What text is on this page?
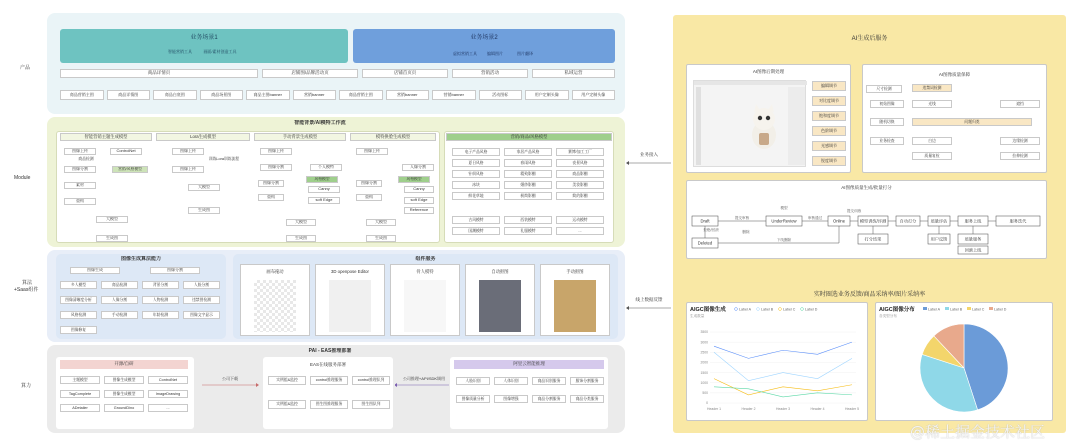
产品
Module
算法
+Saas组件
算力
业务场景1
智能营销工具	画面/素材创造工具
业务场景2
虚拟营销工具	编辑图片	图片翻译
商品详情页	店铺图/品牌活动页	店铺首页页	营销活动	私域运营
商品营销主图	商品详情图	商品白底图	商品场景图	商品主图banner	营销banner	商品营销主图	营销banner	营销banner	活动图标	用户定制头像	用户定制头像
智能背景/AI模特工作流
图像生成算法能力	组件服务
PAI - EAS推理部署
开源/自研
公司下载
EAS在线服务部署
公司推理+API/SDK调用
阿里云智能推理
业务接入
线上数据反馈
AI生成后服务
AI图像后期处理
AI图像质量保障
AI图像质量生成/批量打分
Draft	UnderReview	Online
Deleted
模型训练/评测	自动打分	质量评估	服务上线	服务迭代
打分结果	用户反馈	质量服务
回滚上线
提交审核
模型
审核通过
拒绝/回滚
下线删除
提交训练
删除
实时圈选业务反馈/商品采纳率/图片采纳率
AIGC图像生成
生成数量
Label A	Label B	Label C	Label D
0
500
1000
1500
2000
2500
3000
3500
Header 1	Header 2	Header 3	Header 4	Header 5
AIGC图像分布
各类型分布
Label A	Label B	Label C	Label D
@稀土掘金技术社区
智能营销主题生成模型	Lora生成模型	手动背景生成模型	模特换脸生成模型	营销/商品/风格模型
图像上传	ControlNet
商品检测
图像分割	营销/风格模型
素材
重构
大模型
生成图
图像上传
训练Lora训练流程
图像上传
大模型
生成图
图像上传
图像分割
图像分割
个人模特
风格模型
重构
Canny
soft Edge
大模型
生成图
图像上传
人像分割
图像分割
风格模型
重构
Canny
soft Edge
Reference
大模型
生成图
电子产品风格	家居产品风格	赛博/加工工厂
夏日风格	春雨风格	夜景风格
针织风格	精致影棚	商品影棚
冰块	婚纱影棚	美妆影棚
鲜花草地	极简影棚	简约影棚
古风模特	西装模特	运动模特
国潮模特	礼服模特	...
图像生成	图像分割
多人模型	商品检测	背景分割	人脸分割
图像清晰度分析	人像分割	人物检测	违禁图检测
风格检测	手动检测	年龄检测	图像文字显示
图像修复
画布拖动	3D openpose Editor	骨人模特	自动抠图	手动抠图
主题模型	图像生成模型	ControlNet
TagComplete	图像生成模型	ImageDrawing
ADetailer	GroundDino	...
实例组&监控	control推理服务	control推理队列
实例组&监控	图生图推理服务	图生图队列
人脸识别	人体识别	商品识别服务	服饰分割服务
图像质量分析	图像增强	商品分割服务	商品分类服务
编辑调节
对比度调节
饱和度调节
色阶调节
光感调节
锐度调节
尺寸检测	违禁词检测
初始图像	光线	遮挡
随机切换	问题归类
业务检查	白边	边缘检测
质量复检	拉伸检测
